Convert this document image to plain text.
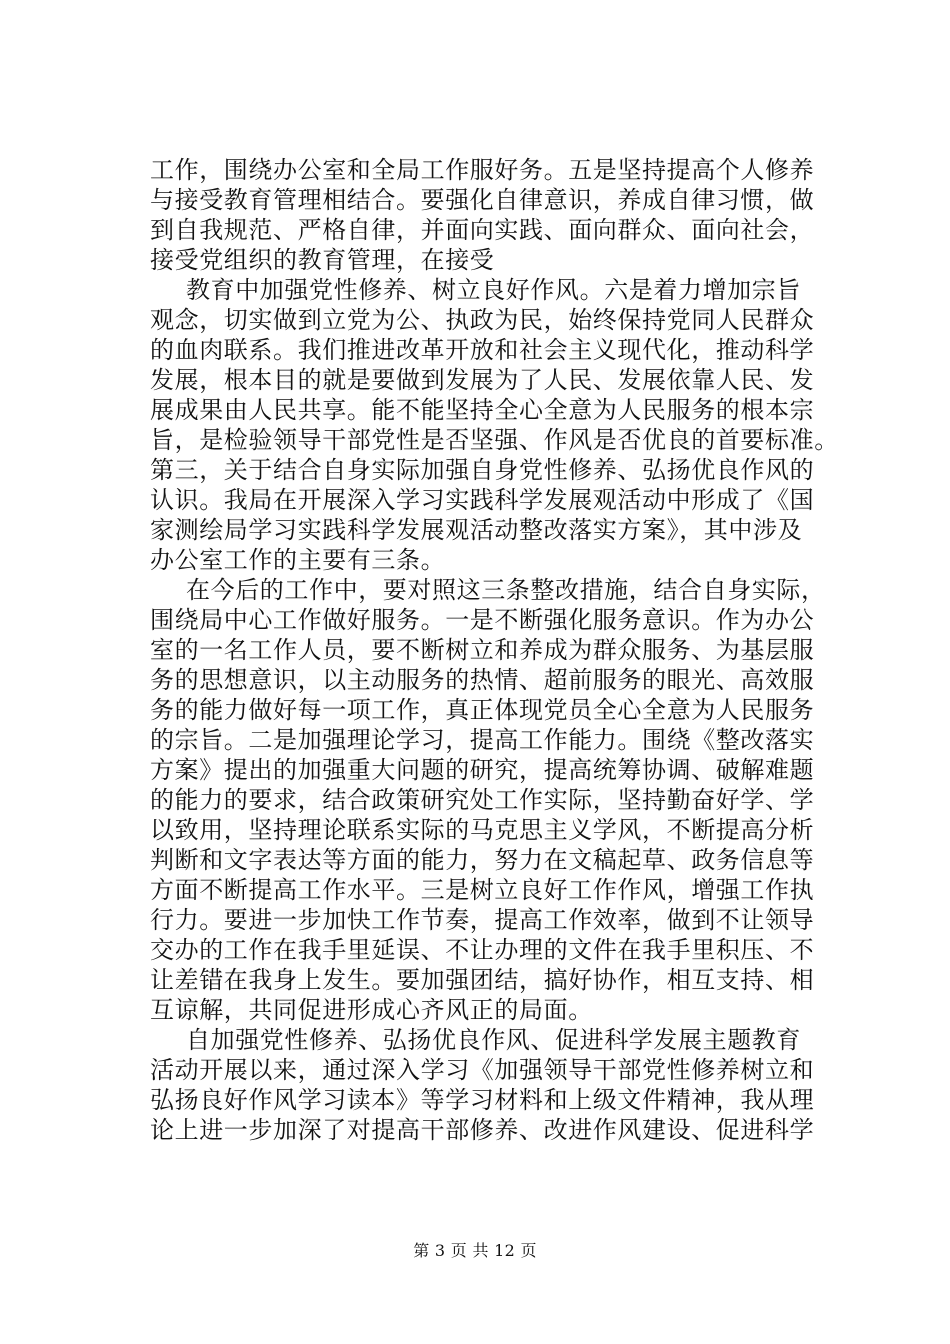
工作，围绕办公室和全局工作服好务。五是坚持提高个人修养
与接受教育管理相结合。要强化自律意识，养成自律习惯，做
到自我规范、严格自律，并面向实践、面向群众、面向社会，
接受党组织的教育管理，在接受
教育中加强党性修养、树立良好作风。六是着力增加宗旨
观念，切实做到立党为公、执政为民，始终保持党同人民群众
的血肉联系。我们推进改革开放和社会主义现代化，推动科学
发展，根本目的就是要做到发展为了人民、发展依靠人民、发
展成果由人民共享。能不能坚持全心全意为人民服务的根本宗
旨，是检验领导干部党性是否坚强、作风是否优良的首要标准。
第三，关于结合自身实际加强自身党性修养、弘扬优良作风的
认识。我局在开展深入学习实践科学发展观活动中形成了《国
家测绘局学习实践科学发展观活动整改落实方案》，其中涉及
办公室工作的主要有三条。
在今后的工作中，要对照这三条整改措施，结合自身实际，
围绕局中心工作做好服务。一是不断强化服务意识。作为办公
室的一名工作人员，要不断树立和养成为群众服务、为基层服
务的思想意识，以主动服务的热情、超前服务的眼光、高效服
务的能力做好每一项工作，真正体现党员全心全意为人民服务
的宗旨。二是加强理论学习，提高工作能力。围绕《整改落实
方案》提出的加强重大问题的研究，提高统筹协调、破解难题
的能力的要求，结合政策研究处工作实际，坚持勤奋好学、学
以致用，坚持理论联系实际的马克思主义学风，不断提高分析
判断和文字表达等方面的能力，努力在文稿起草、政务信息等
方面不断提高工作水平。三是树立良好工作作风，增强工作执
行力。要进一步加快工作节奏，提高工作效率，做到不让领导
交办的工作在我手里延误、不让办理的文件在我手里积压、不
让差错在我身上发生。要加强团结，搞好协作，相互支持、相
互谅解，共同促进形成心齐风正的局面。
自加强党性修养、弘扬优良作风、促进科学发展主题教育
活动开展以来，通过深入学习《加强领导干部党性修养树立和
弘扬良好作风学习读本》等学习材料和上级文件精神，我从理
论上进一步加深了对提高干部修养、改进作风建设、促进科学
第 3 页 共 12 页
